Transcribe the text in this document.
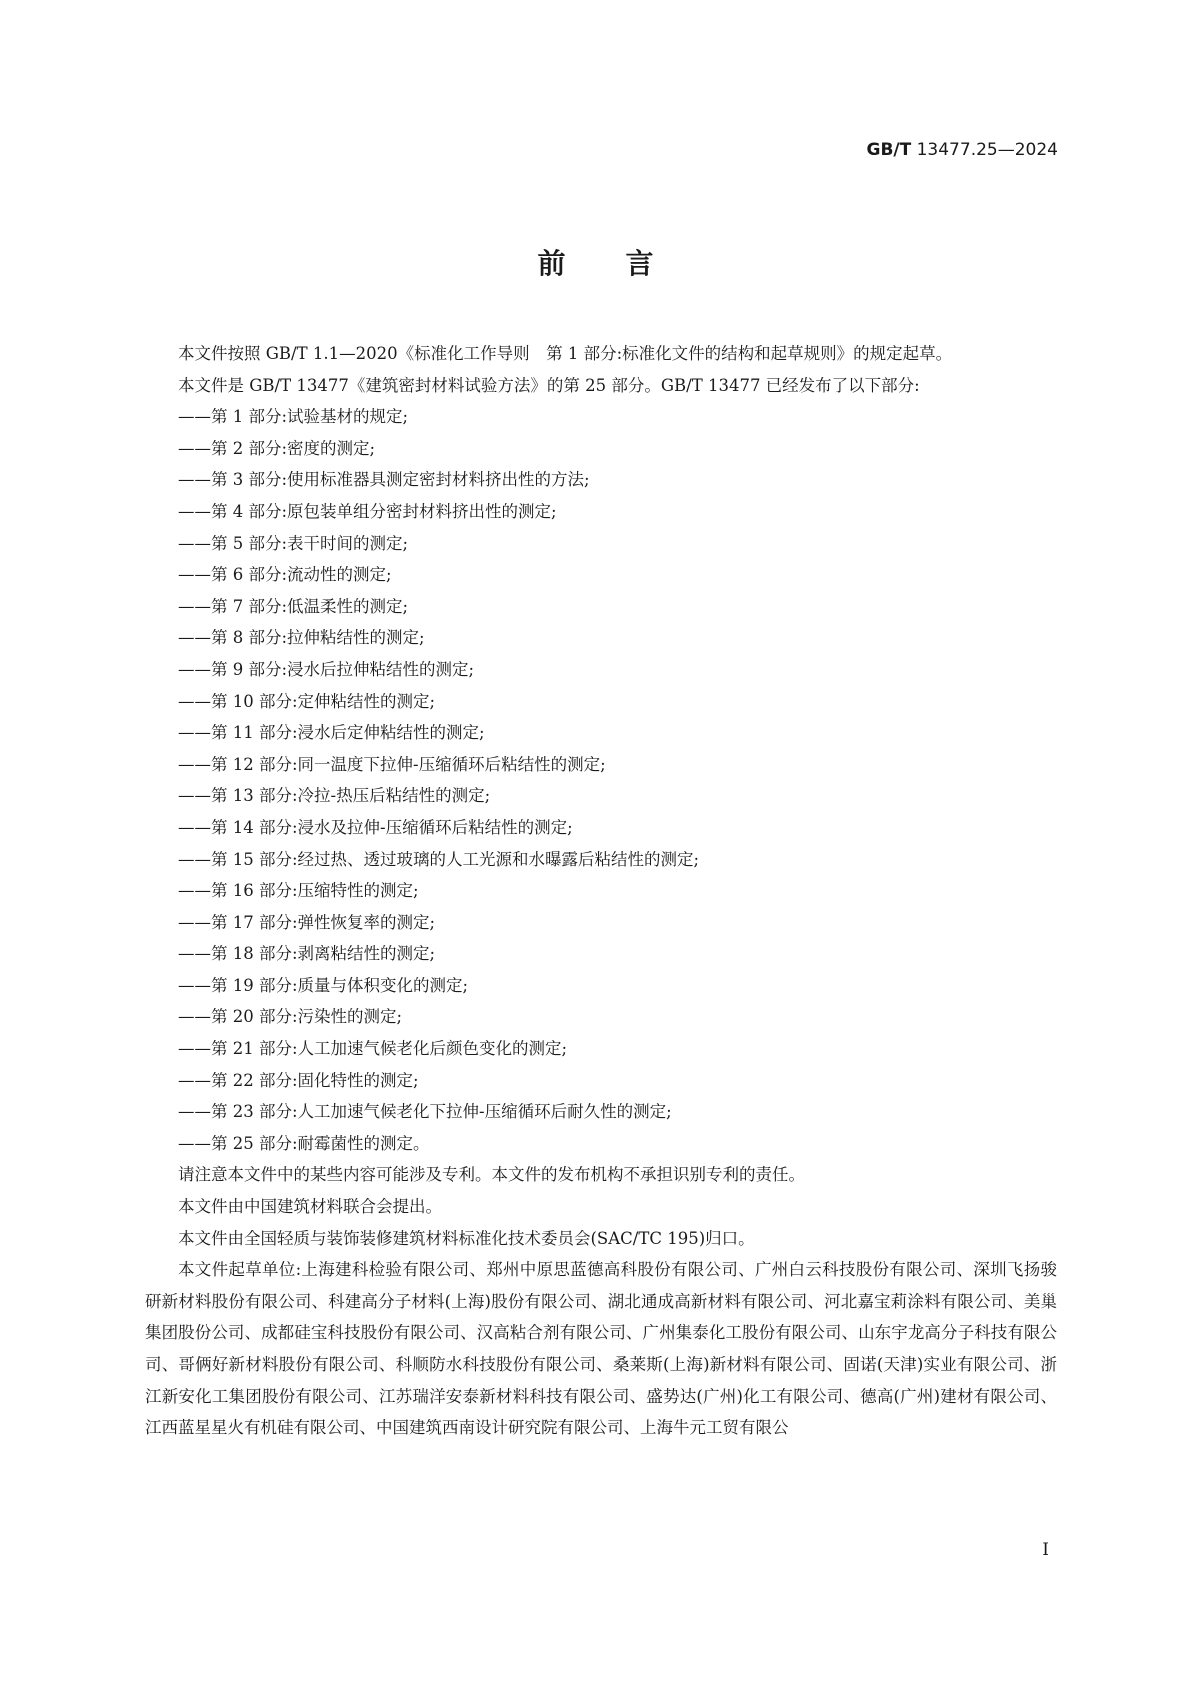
GB/T 13477.25—2024
前言

本文件按照 GB/T 1.1—2020《标准化工作导则　第 1 部分:标准化文件的结构和起草规则》的规定起草。

本文件是 GB/T 13477《建筑密封材料试验方法》的第 25 部分。GB/T 13477 已经发布了以下部分:

——第 1 部分:试验基材的规定;

——第 2 部分:密度的测定;

——第 3 部分:使用标准器具测定密封材料挤出性的方法;

——第 4 部分:原包装单组分密封材料挤出性的测定;

——第 5 部分:表干时间的测定;

——第 6 部分:流动性的测定;

——第 7 部分:低温柔性的测定;

——第 8 部分:拉伸粘结性的测定;

——第 9 部分:浸水后拉伸粘结性的测定;

——第 10 部分:定伸粘结性的测定;

——第 11 部分:浸水后定伸粘结性的测定;

——第 12 部分:同一温度下拉伸-压缩循环后粘结性的测定;

——第 13 部分:冷拉-热压后粘结性的测定;

——第 14 部分:浸水及拉伸-压缩循环后粘结性的测定;

——第 15 部分:经过热、透过玻璃的人工光源和水曝露后粘结性的测定;

——第 16 部分:压缩特性的测定;

——第 17 部分:弹性恢复率的测定;

——第 18 部分:剥离粘结性的测定;

——第 19 部分:质量与体积变化的测定;

——第 20 部分:污染性的测定;

——第 21 部分:人工加速气候老化后颜色变化的测定;

——第 22 部分:固化特性的测定;

——第 23 部分:人工加速气候老化下拉伸-压缩循环后耐久性的测定;

——第 25 部分:耐霉菌性的测定。

请注意本文件中的某些内容可能涉及专利。本文件的发布机构不承担识别专利的责任。

本文件由中国建筑材料联合会提出。

本文件由全国轻质与装饰装修建筑材料标准化技术委员会(SAC/TC 195)归口。

本文件起草单位:上海建科检验有限公司、郑州中原思蓝德高科股份有限公司、广州白云科技股份有限公司、深圳飞扬骏研新材料股份有限公司、科建高分子材料(上海)股份有限公司、湖北通成高新材料有限公司、河北嘉宝莉涂料有限公司、美巢集团股份公司、成都硅宝科技股份有限公司、汉高粘合剂有限公司、广州集泰化工股份有限公司、山东宇龙高分子科技有限公司、哥俩好新材料股份有限公司、科顺防水科技股份有限公司、桑莱斯(上海)新材料有限公司、固诺(天津)实业有限公司、浙江新安化工集团股份有限公司、江苏瑞洋安泰新材料科技有限公司、盛势达(广州)化工有限公司、德高(广州)建材有限公司、江西蓝星星火有机硅有限公司、中国建筑西南设计研究院有限公司、上海牛元工贸有限公

I
